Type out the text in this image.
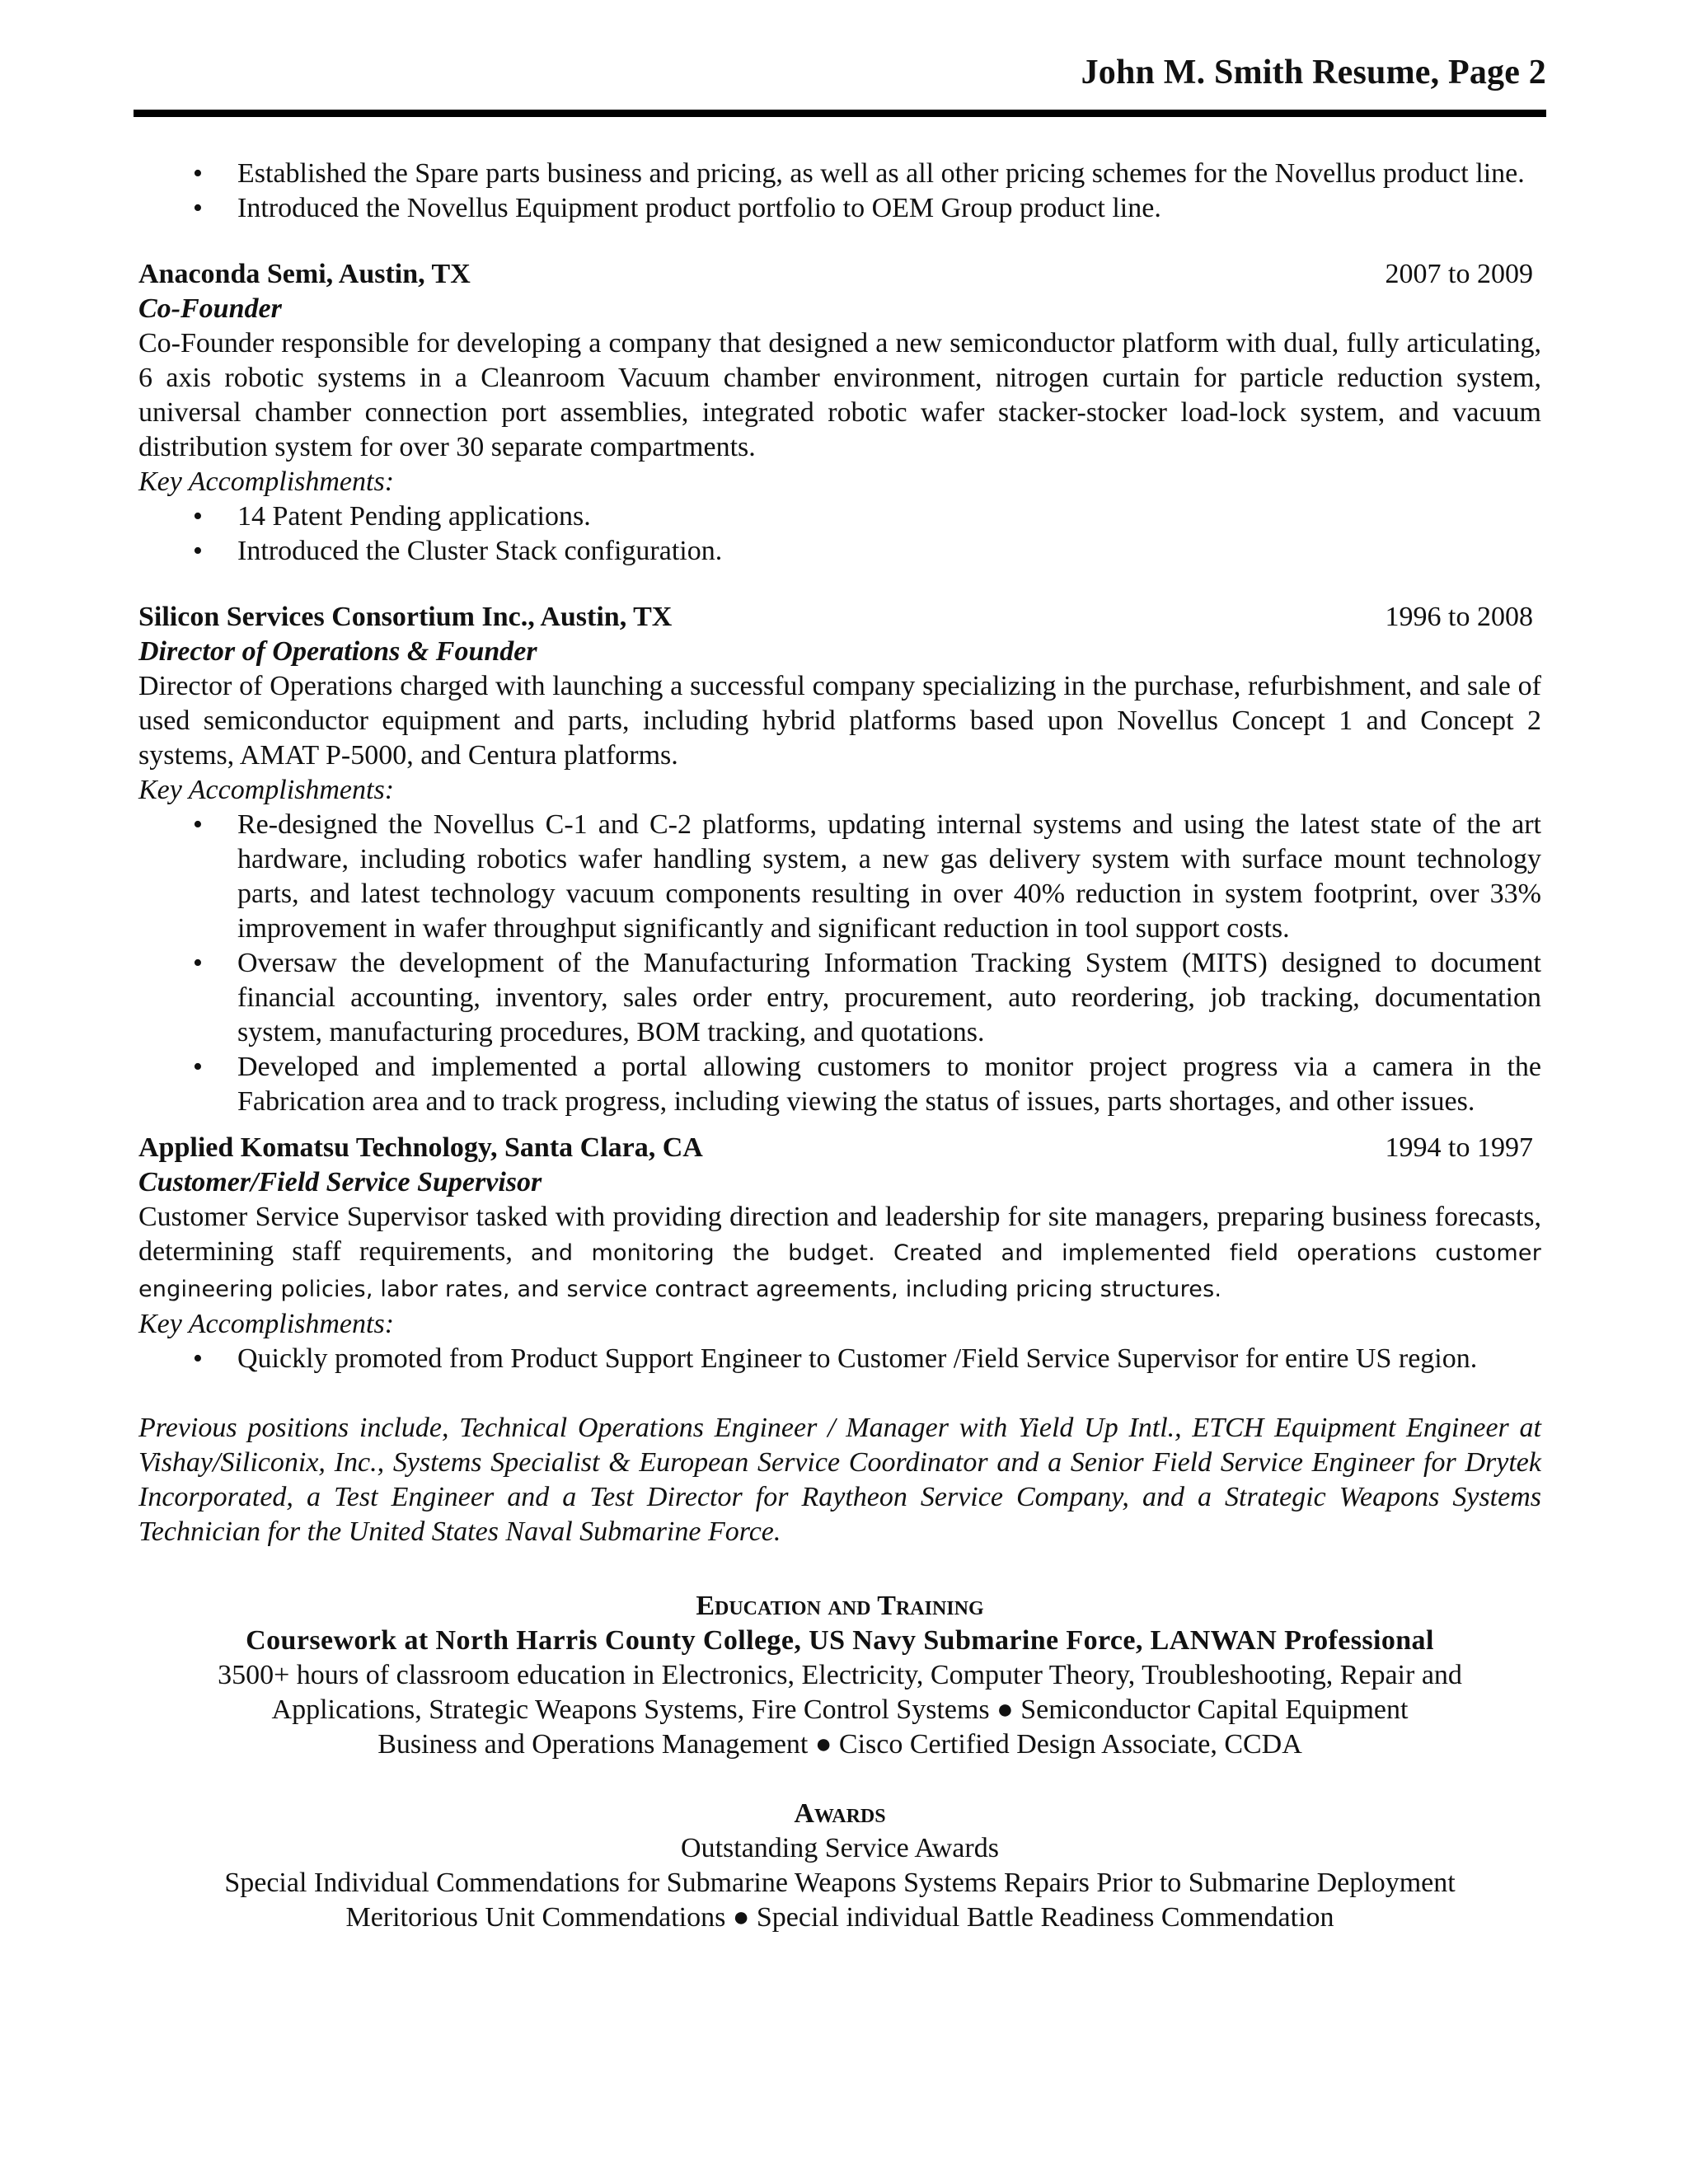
John M. Smith Resume, Page 2
• Established the Spare parts business and pricing, as well as all other pricing schemes for the Novellus product line.
• Introduced the Novellus Equipment product portfolio to OEM Group product line.
Anaconda Semi, Austin, TX	2007 to 2009
Co-Founder
Co-Founder responsible for developing a company that designed a new semiconductor platform with dual, fully articulating, 6 axis robotic systems in a Cleanroom Vacuum chamber environment, nitrogen curtain for particle reduction system, universal chamber connection port assemblies, integrated robotic wafer stacker-stocker load-lock system, and vacuum distribution system for over 30 separate compartments.
Key Accomplishments:
• 14 Patent Pending applications.
• Introduced the Cluster Stack configuration.
Silicon Services Consortium Inc., Austin, TX	1996 to 2008
Director of Operations & Founder
Director of Operations charged with launching a successful company specializing in the purchase, refurbishment, and sale of used semiconductor equipment and parts, including hybrid platforms based upon Novellus Concept 1 and Concept 2 systems, AMAT P-5000, and Centura platforms.
Key Accomplishments:
• Re-designed the Novellus C-1 and C-2 platforms, updating internal systems and using the latest state of the art hardware, including robotics wafer handling system, a new gas delivery system with surface mount technology parts, and latest technology vacuum components resulting in over 40% reduction in system footprint, over 33% improvement in wafer throughput significantly and significant reduction in tool support costs.
• Oversaw the development of the Manufacturing Information Tracking System (MITS) designed to document financial accounting, inventory, sales order entry, procurement, auto reordering, job tracking, documentation system, manufacturing procedures, BOM tracking, and quotations.
• Developed and implemented a portal allowing customers to monitor project progress via a camera in the Fabrication area and to track progress, including viewing the status of issues, parts shortages, and other issues.
Applied Komatsu Technology, Santa Clara, CA	1994 to 1997
Customer/Field Service Supervisor
Customer Service Supervisor tasked with providing direction and leadership for site managers, preparing business forecasts, determining staff requirements, and monitoring the budget. Created and implemented field operations customer engineering policies, labor rates, and service contract agreements, including pricing structures.
Key Accomplishments:
• Quickly promoted from Product Support Engineer to Customer /Field Service Supervisor for entire US region.
Previous positions include, Technical Operations Engineer / Manager with Yield Up Intl., ETCH Equipment Engineer at Vishay/Siliconix, Inc., Systems Specialist & European Service Coordinator and a Senior Field Service Engineer for Drytek Incorporated, a Test Engineer and a Test Director for Raytheon Service Company, and a Strategic Weapons Systems Technician for the United States Naval Submarine Force.
Education and Training
Coursework at North Harris County College, US Navy Submarine Force, LANWAN Professional
3500+ hours of classroom education in Electronics, Electricity, Computer Theory, Troubleshooting, Repair and
Applications, Strategic Weapons Systems, Fire Control Systems ● Semiconductor Capital Equipment
Business and Operations Management ● Cisco Certified Design Associate, CCDA
Awards
Outstanding Service Awards
Special Individual Commendations for Submarine Weapons Systems Repairs Prior to Submarine Deployment
Meritorious Unit Commendations ● Special individual Battle Readiness Commendation
